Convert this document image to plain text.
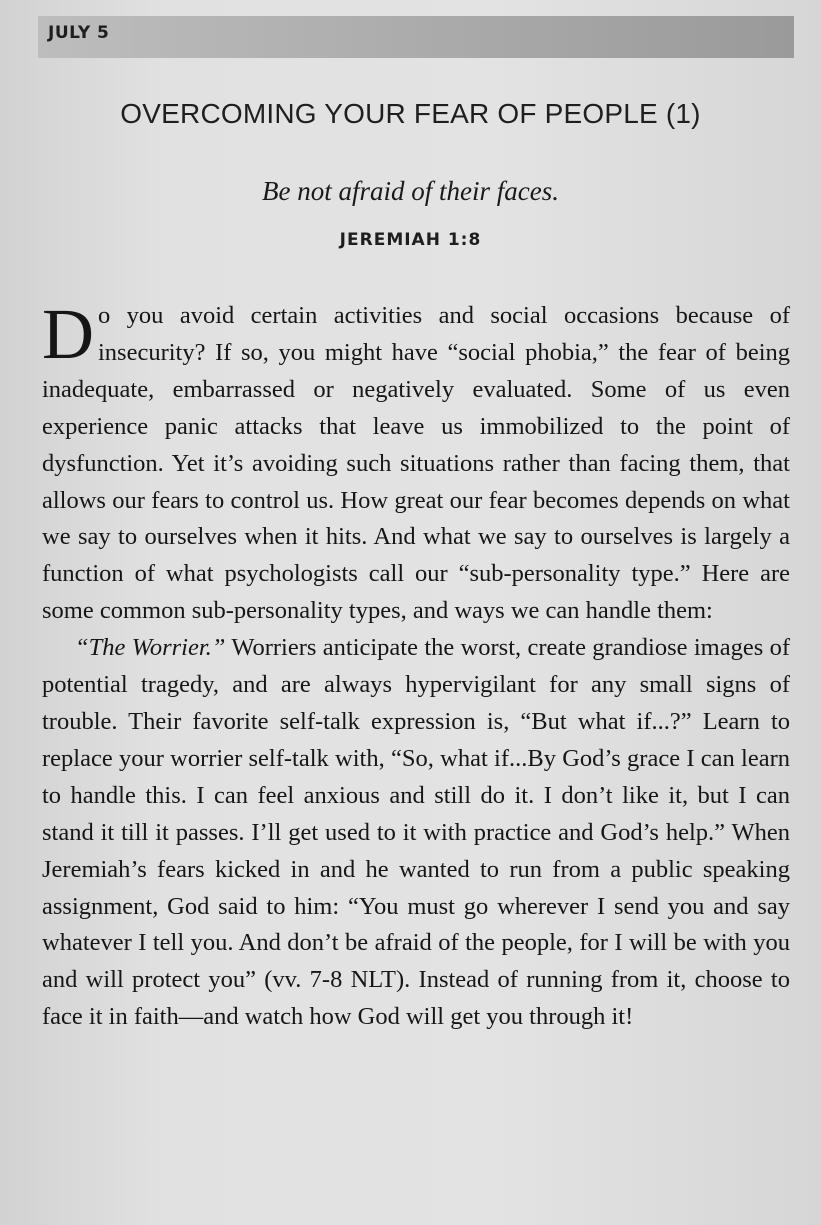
JULY 5
OVERCOMING YOUR FEAR OF PEOPLE (1)
Be not afraid of their faces.
JEREMIAH 1:8

Do you avoid certain activities and social occasions because of insecurity? If so, you might have “social phobia,” the fear of being inadequate, embarrassed or negatively evaluated. Some of us even experience panic attacks that leave us immobilized to the point of dysfunction. Yet it’s avoiding such situations rather than facing them, that allows our fears to control us. How great our fear becomes depends on what we say to ourselves when it hits. And what we say to ourselves is largely a function of what psychologists call our “sub-personality type.” Here are some common sub-personality types, and ways we can handle them:

“The Worrier.” Worriers anticipate the worst, create grandiose images of potential tragedy, and are always hypervigilant for any small signs of trouble. Their favorite self-talk expression is, “But what if...?” Learn to replace your worrier self-talk with, “So, what if...By God’s grace I can learn to handle this. I can feel anxious and still do it. I don’t like it, but I can stand it till it passes. I’ll get used to it with practice and God’s help.” When Jeremiah’s fears kicked in and he wanted to run from a public speaking assignment, God said to him: “You must go wherever I send you and say whatever I tell you. And don’t be afraid of the people, for I will be with you and will protect you” (vv. 7-8 NLT). Instead of running from it, choose to face it in faith—and watch how God will get you through it!
